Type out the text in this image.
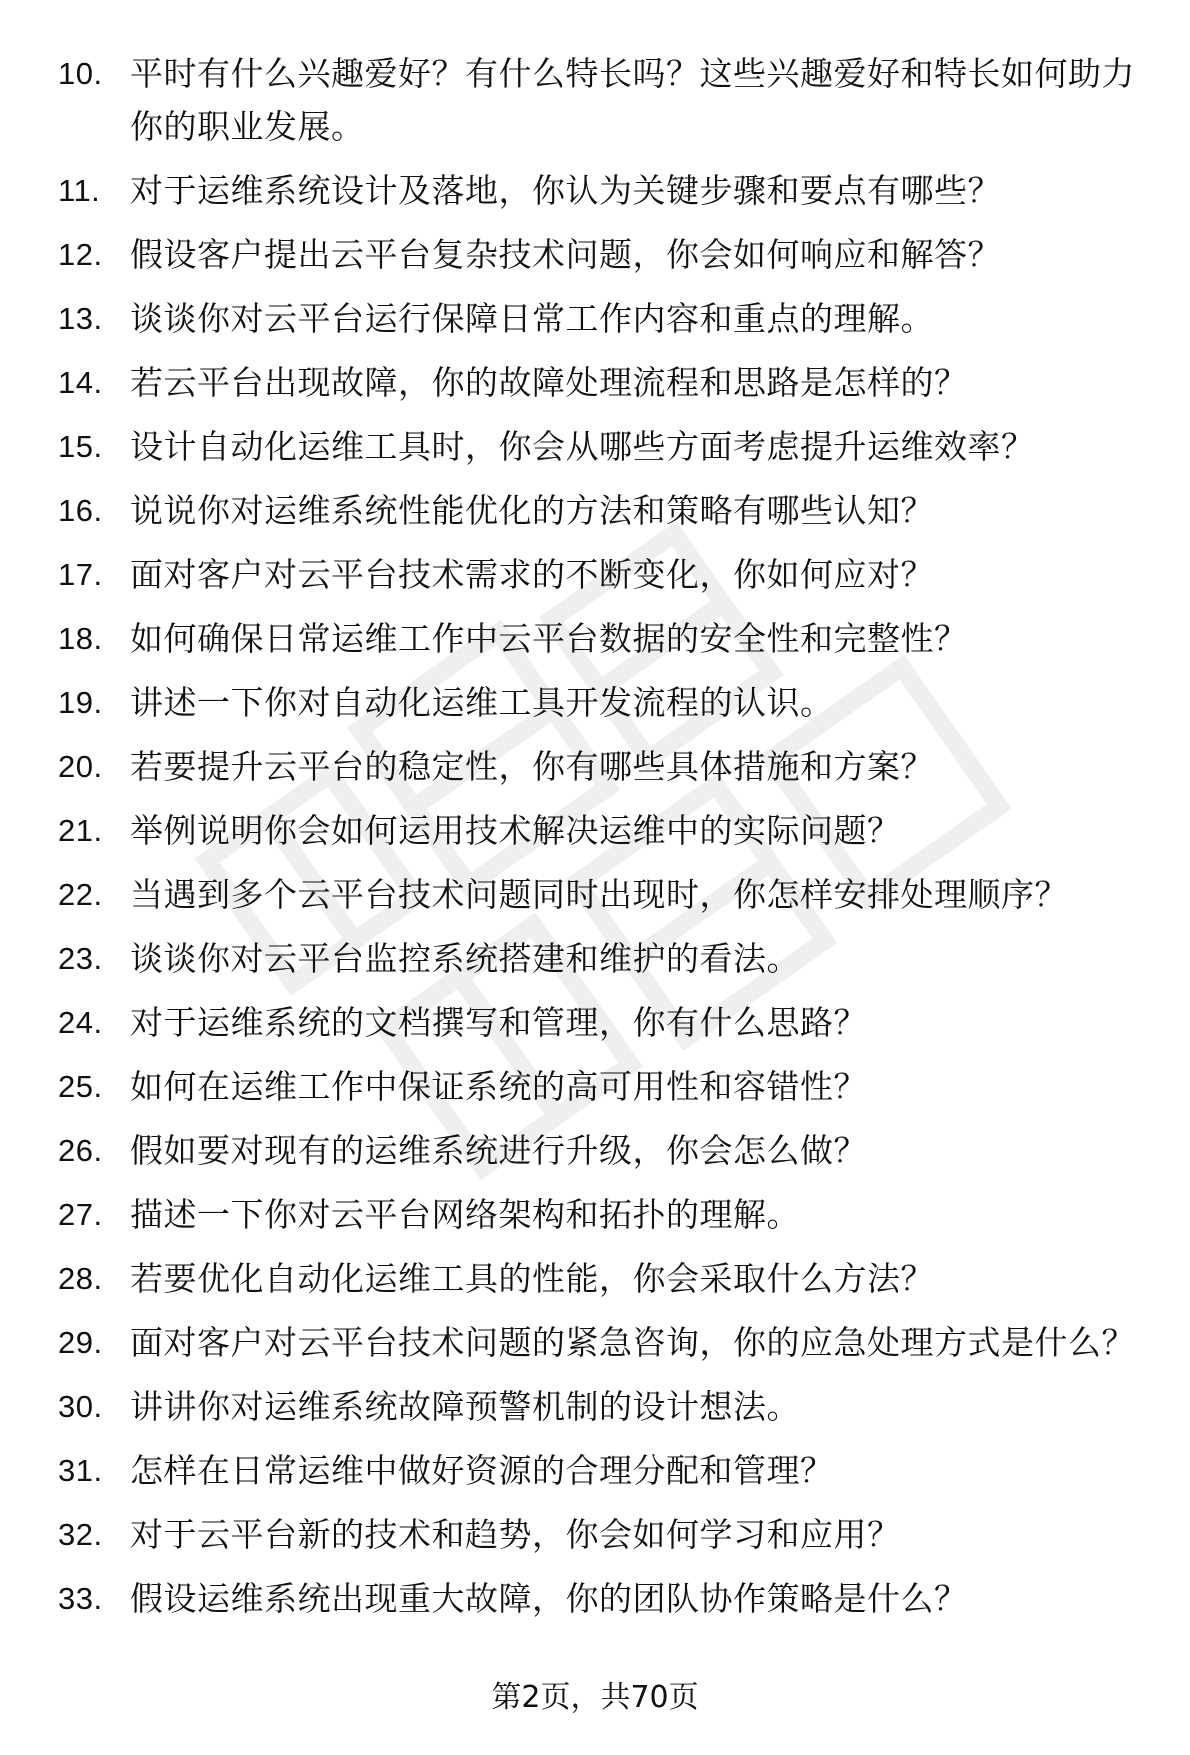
10. 平时有什么兴趣爱好？有什么特长吗？这些兴趣爱好和特长如何助力你的职业发展。
11. 对于运维系统设计及落地，你认为关键步骤和要点有哪些？
12. 假设客户提出云平台复杂技术问题，你会如何响应和解答？
13. 谈谈你对云平台运行保障日常工作内容和重点的理解。
14. 若云平台出现故障，你的故障处理流程和思路是怎样的？
15. 设计自动化运维工具时，你会从哪些方面考虑提升运维效率？
16. 说说你对运维系统性能优化的方法和策略有哪些认知？
17. 面对客户对云平台技术需求的不断变化，你如何应对？
18. 如何确保日常运维工作中云平台数据的安全性和完整性？
19. 讲述一下你对自动化运维工具开发流程的认识。
20. 若要提升云平台的稳定性，你有哪些具体措施和方案？
21. 举例说明你会如何运用技术解决运维中的实际问题？
22. 当遇到多个云平台技术问题同时出现时，你怎样安排处理顺序？
23. 谈谈你对云平台监控系统搭建和维护的看法。
24. 对于运维系统的文档撰写和管理，你有什么思路？
25. 如何在运维工作中保证系统的高可用性和容错性？
26. 假如要对现有的运维系统进行升级，你会怎么做？
27. 描述一下你对云平台网络架构和拓扑的理解。
28. 若要优化自动化运维工具的性能，你会采取什么方法？
29. 面对客户对云平台技术问题的紧急咨询，你的应急处理方式是什么？
30. 讲讲你对运维系统故障预警机制的设计想法。
31. 怎样在日常运维中做好资源的合理分配和管理？
32. 对于云平台新的技术和趋势，你会如何学习和应用？
33. 假设运维系统出现重大故障，你的团队协作策略是什么？
第2页，共70页
